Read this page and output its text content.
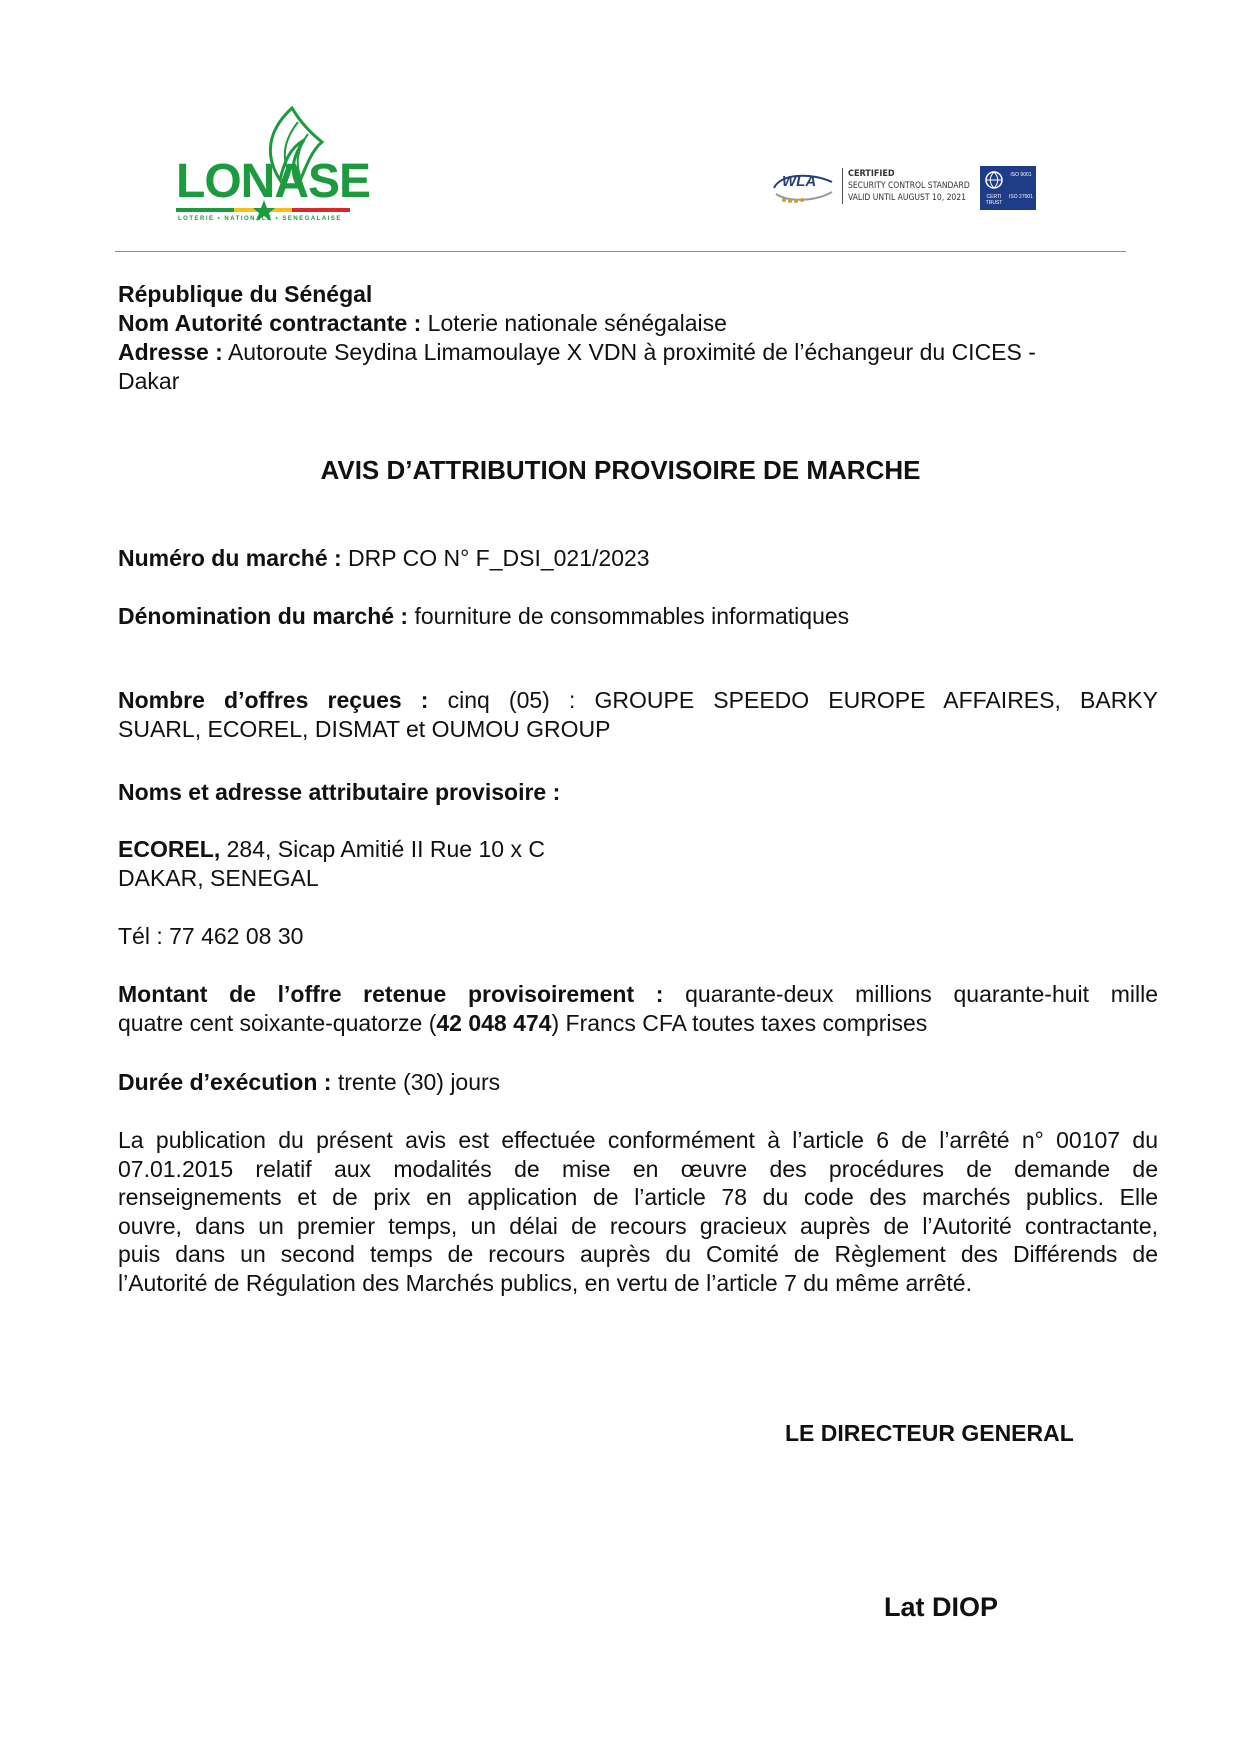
LONASE
LOTERIE • NATIONALE • SENEGALAISE
WLA	CERTIFIED
SECURITY CONTROL STANDARD
VALID UNTIL AUGUST 10, 2021
ISO 9001
ISO 27001
CERTI TRUST
République du Sénégal
Nom Autorité contractante : Loterie nationale sénégalaise
Adresse : Autoroute Seydina Limamoulaye X VDN à proximité de l’échangeur du CICES -
Dakar
AVIS D’ATTRIBUTION PROVISOIRE DE MARCHE
Numéro du marché : DRP CO N° F_DSI_021/2023
Dénomination du marché : fourniture de consommables informatiques
Nombre d’offres reçues : cinq (05) : GROUPE SPEEDO EUROPE AFFAIRES, BARKY
SUARL, ECOREL, DISMAT et OUMOU GROUP
Noms et adresse attributaire provisoire :
ECOREL, 284, Sicap Amitié II Rue 10 x C
DAKAR, SENEGAL
Tél : 77 462 08 30
Montant de l’offre retenue provisoirement : quarante-deux millions quarante-huit mille
quatre cent soixante-quatorze (42 048 474) Francs CFA toutes taxes comprises
Durée d’exécution : trente (30) jours
La publication du présent avis est effectuée conformément à l’article 6 de l’arrêté n° 00107 du
07.01.2015 relatif aux modalités de mise en œuvre des procédures de demande de
renseignements et de prix en application de l’article 78 du code des marchés publics. Elle
ouvre, dans un premier temps, un délai de recours gracieux auprès de l’Autorité contractante,
puis dans un second temps de recours auprès du Comité de Règlement des Différends de
l’Autorité de Régulation des Marchés publics, en vertu de l’article 7 du même arrêté.
LE DIRECTEUR GENERAL
Lat DIOP
